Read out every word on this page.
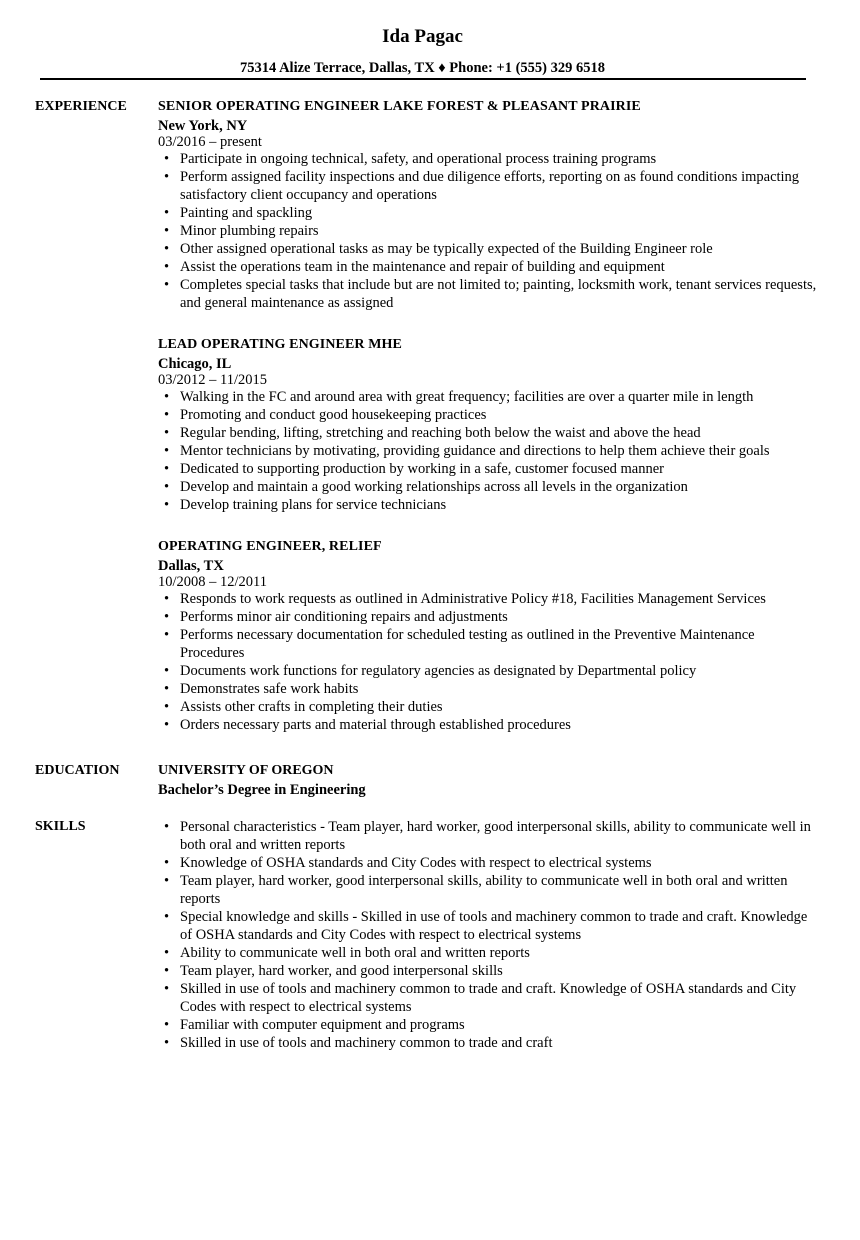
Ida Pagac
75314 Alize Terrace, Dallas, TX ♦ Phone: +1 (555) 329 6518
EXPERIENCE SENIOR OPERATING ENGINEER LAKE FOREST & PLEASANT PRAIRIE
New York, NY
03/2016 – present
• Participate in ongoing technical, safety, and operational process training programs
• Perform assigned facility inspections and due diligence efforts, reporting on as found conditions impacting satisfactory client occupancy and operations
• Painting and spackling
• Minor plumbing repairs
• Other assigned operational tasks as may be typically expected of the Building Engineer role
• Assist the operations team in the maintenance and repair of building and equipment
• Completes special tasks that include but are not limited to; painting, locksmith work, tenant services requests, and general maintenance as assigned
LEAD OPERATING ENGINEER MHE
Chicago, IL
03/2012 – 11/2015
• Walking in the FC and around area with great frequency; facilities are over a quarter mile in length
• Promoting and conduct good housekeeping practices
• Regular bending, lifting, stretching and reaching both below the waist and above the head
• Mentor technicians by motivating, providing guidance and directions to help them achieve their goals
• Dedicated to supporting production by working in a safe, customer focused manner
• Develop and maintain a good working relationships across all levels in the organization
• Develop training plans for service technicians
OPERATING ENGINEER, RELIEF
Dallas, TX
10/2008 – 12/2011
• Responds to work requests as outlined in Administrative Policy #18, Facilities Management Services
• Performs minor air conditioning repairs and adjustments
• Performs necessary documentation for scheduled testing as outlined in the Preventive Maintenance Procedures
• Documents work functions for regulatory agencies as designated by Departmental policy
• Demonstrates safe work habits
• Assists other crafts in completing their duties
• Orders necessary parts and material through established procedures
EDUCATION	UNIVERSITY OF OREGON
Bachelor’s Degree in Engineering
SKILLS	• Personal characteristics - Team player, hard worker, good interpersonal skills, ability to communicate well in both oral and written reports
• Knowledge of OSHA standards and City Codes with respect to electrical systems
• Team player, hard worker, good interpersonal skills, ability to communicate well in both oral and written reports
• Special knowledge and skills - Skilled in use of tools and machinery common to trade and craft. Knowledge of OSHA standards and City Codes with respect to electrical systems
• Ability to communicate well in both oral and written reports
• Team player, hard worker, and good interpersonal skills
• Skilled in use of tools and machinery common to trade and craft. Knowledge of OSHA standards and City Codes with respect to electrical systems
• Familiar with computer equipment and programs
• Skilled in use of tools and machinery common to trade and craft
